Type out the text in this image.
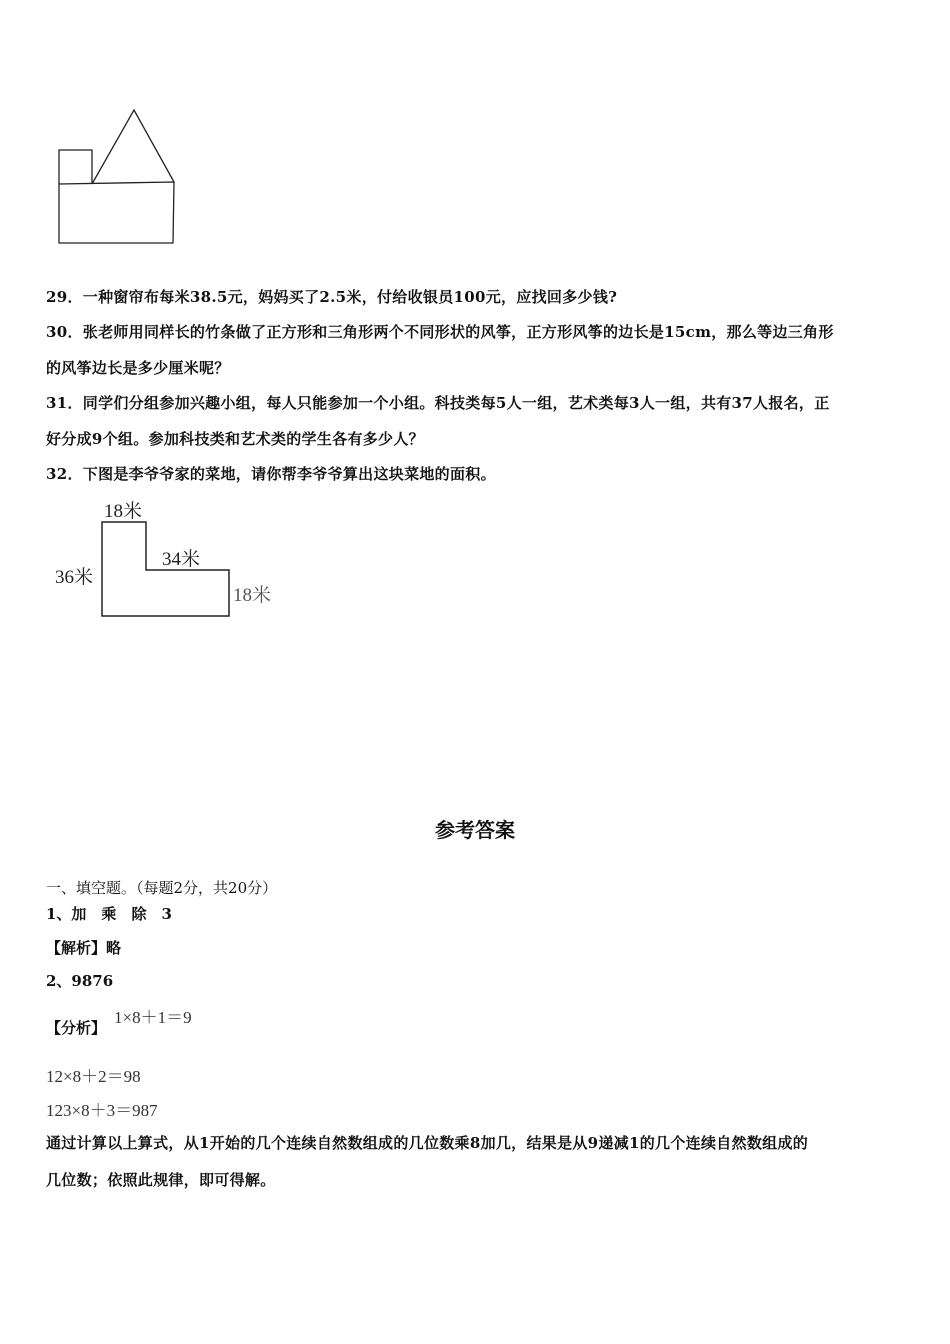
29．一种窗帘布每米38.5元，妈妈买了2.5米，付给收银员100元，应找回多少钱?
30．张老师用同样长的竹条做了正方形和三角形两个不同形状的风筝，正方形风筝的边长是15cm，那么等边三角形
的风筝边长是多少厘米呢？
31．同学们分组参加兴趣小组，每人只能参加一个小组。科技类每5人一组，艺术类每3人一组，共有37人报名，正
好分成9个组。参加科技类和艺术类的学生各有多少人？
32．下图是李爷爷家的菜地，请你帮李爷爷算出这块菜地的面积。
18米
36米
34米
18米
参考答案
一、填空题。（每题2分，共20分）
1、加　乘　除　3
【解析】略
2、9876
【分析】
1×8＋1＝9
12×8＋2＝98
123×8＋3＝987
通过计算以上算式，从1开始的几个连续自然数组成的几位数乘8加几，结果是从9递减1的几个连续自然数组成的
几位数；依照此规律，即可得解。
